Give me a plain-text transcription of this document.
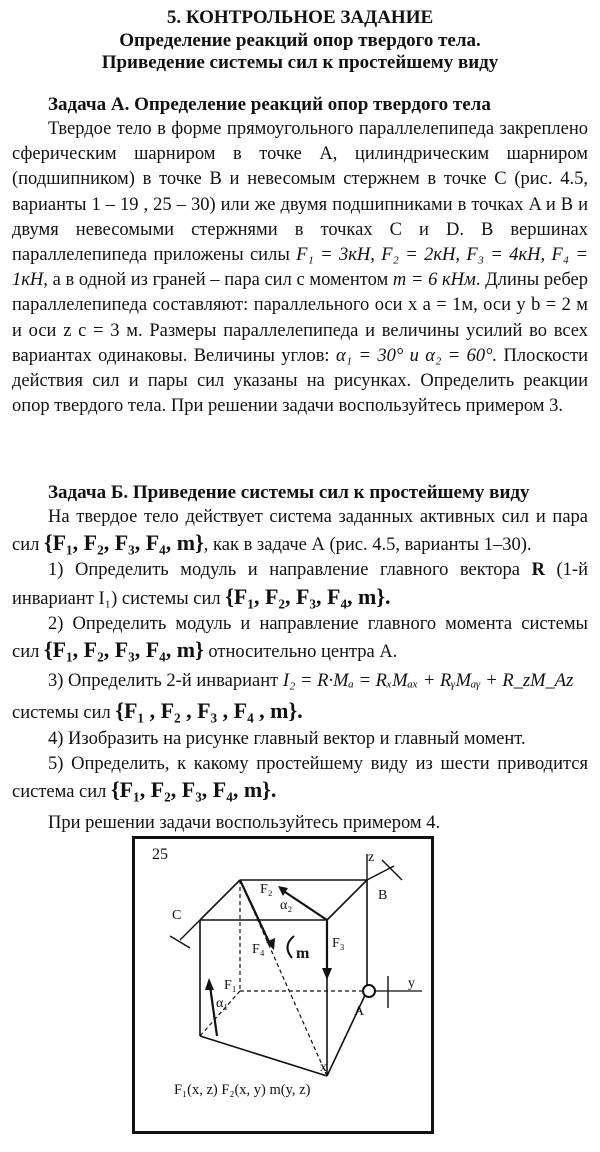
5. КОНТРОЛЬНОЕ ЗАДАНИЕ
Определение реакций опор твердого тела.
Приведение системы сил к простейшему виду
Задача А. Определение реакций опор твердого тела

Твердое тело в форме прямоугольного параллелепипеда закреплено сферическим шарниром в точке A, цилиндрическим шарниром (подшипником) в точке B и невесомым стержнем в точке C (рис. 4.5, варианты 1 – 19 , 25 – 30) или же двумя подшипниками в точках A и B и двумя невесомыми стержнями в точках C и D. В вершинах параллелепипеда приложены силы F₁ = 3кН, F₂ = 2кН, F₃ = 4кН, F₄ = 1кН, а в одной из граней – пара сил с моментом m = 6 кНм. Длины ребер параллелепипеда составляют: параллельного оси x a = 1м, оси y b = 2 м и оси z c = 3 м. Размеры параллелепипеда и величины усилий во всех вариантах одинаковы. Величины углов: α₁ = 30° и α₂ = 60°. Плоскости действия сил и пары сил указаны на рисунках. Определить реакции опор твердого тела. При решении задачи воспользуйтесь примером 3.

Задача Б. Приведение системы сил к простейшему виду

На твердое тело действует система заданных активных сил и пара сил {F₁, F₂, F₃, F₄, m}, как в задаче А (рис. 4.5, варианты 1–30).

1) Определить модуль и направление главного вектора R (1-й инвариант I₁) системы сил {F₁, F₂, F₃, F₄, m}.

2) Определить модуль и направление главного момента системы сил {F₁, F₂, F₃, F₄, m} относительно центра A.

3) Определить 2-й инвариант I₂ = R·Mₐ = RₓMₐₓ + RᵧMₐᵧ + R_zM_Az

системы сил {F₁ , F₂ , F₃ , F₄ , m}.

4) Изобразить на рисунке главный вектор и главный момент.

5) Определить, к какому простейшему виду из шести приводится система сил {F₁, F₂, F₃, F₄, m}.

При решении задачи воспользуйтесь примером 4.

25
C
B
z
A
y
x
F₃
F₂
α₂
F₄ m
F₁
α₁
F₁(x, z) F₂(x, y) m(y, z)
